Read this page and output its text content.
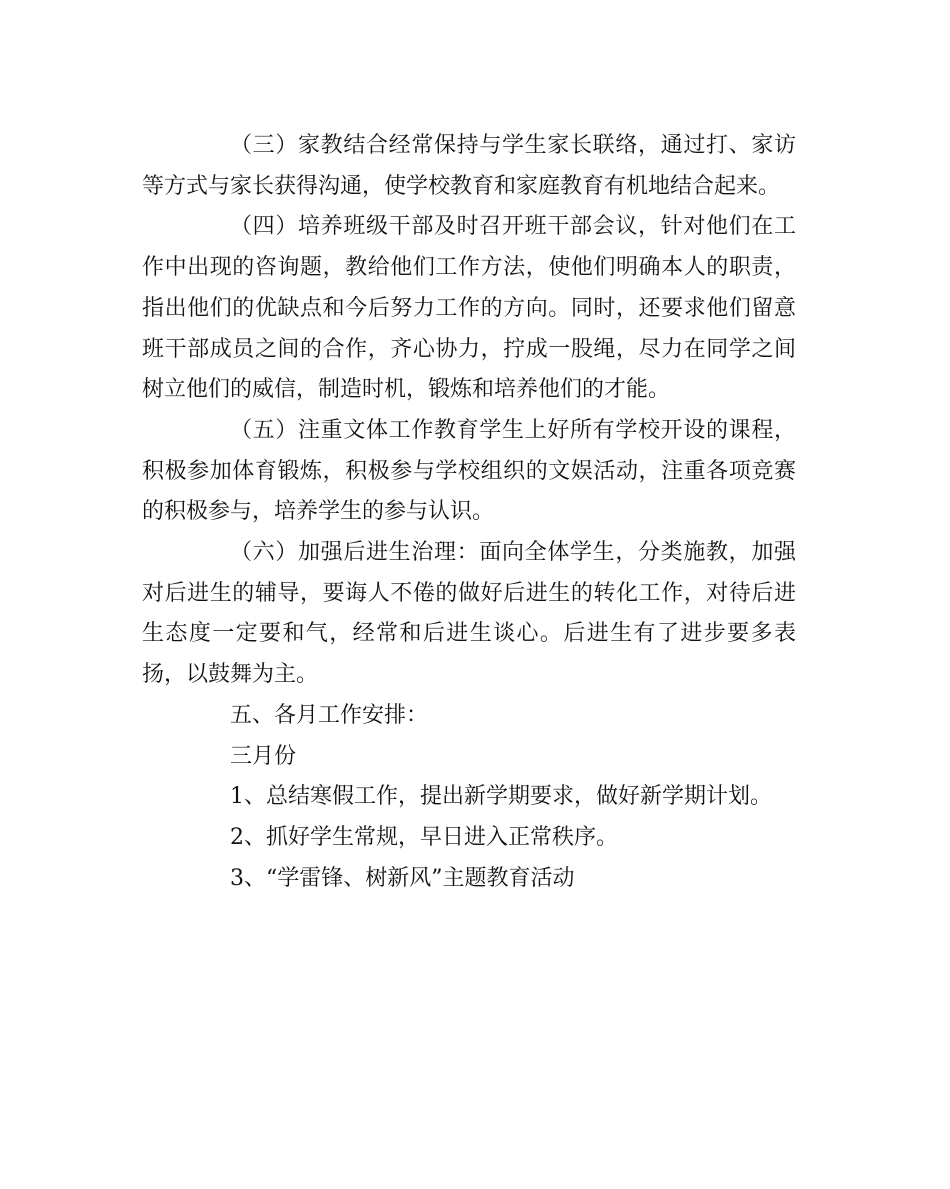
（三）家教结合经常保持与学生家长联络，通过打、家访等方式与家长获得沟通，使学校教育和家庭教育有机地结合起来。

（四）培养班级干部及时召开班干部会议，针对他们在工作中出现的咨询题，教给他们工作方法，使他们明确本人的职责，指出他们的优缺点和今后努力工作的方向。同时，还要求他们留意班干部成员之间的合作，齐心协力，拧成一股绳，尽力在同学之间树立他们的威信，制造时机，锻炼和培养他们的才能。

（五）注重文体工作教育学生上好所有学校开设的课程，积极参加体育锻炼，积极参与学校组织的文娱活动，注重各项竞赛的积极参与，培养学生的参与认识。

（六）加强后进生治理：面向全体学生，分类施教，加强对后进生的辅导，要诲人不倦的做好后进生的转化工作，对待后进生态度一定要和气，经常和后进生谈心。后进生有了进步要多表扬，以鼓舞为主。

五、各月工作安排：

三月份

1、总结寒假工作，提出新学期要求，做好新学期计划。

2、抓好学生常规，早日进入正常秩序。

3、“学雷锋、树新风”主题教育活动
